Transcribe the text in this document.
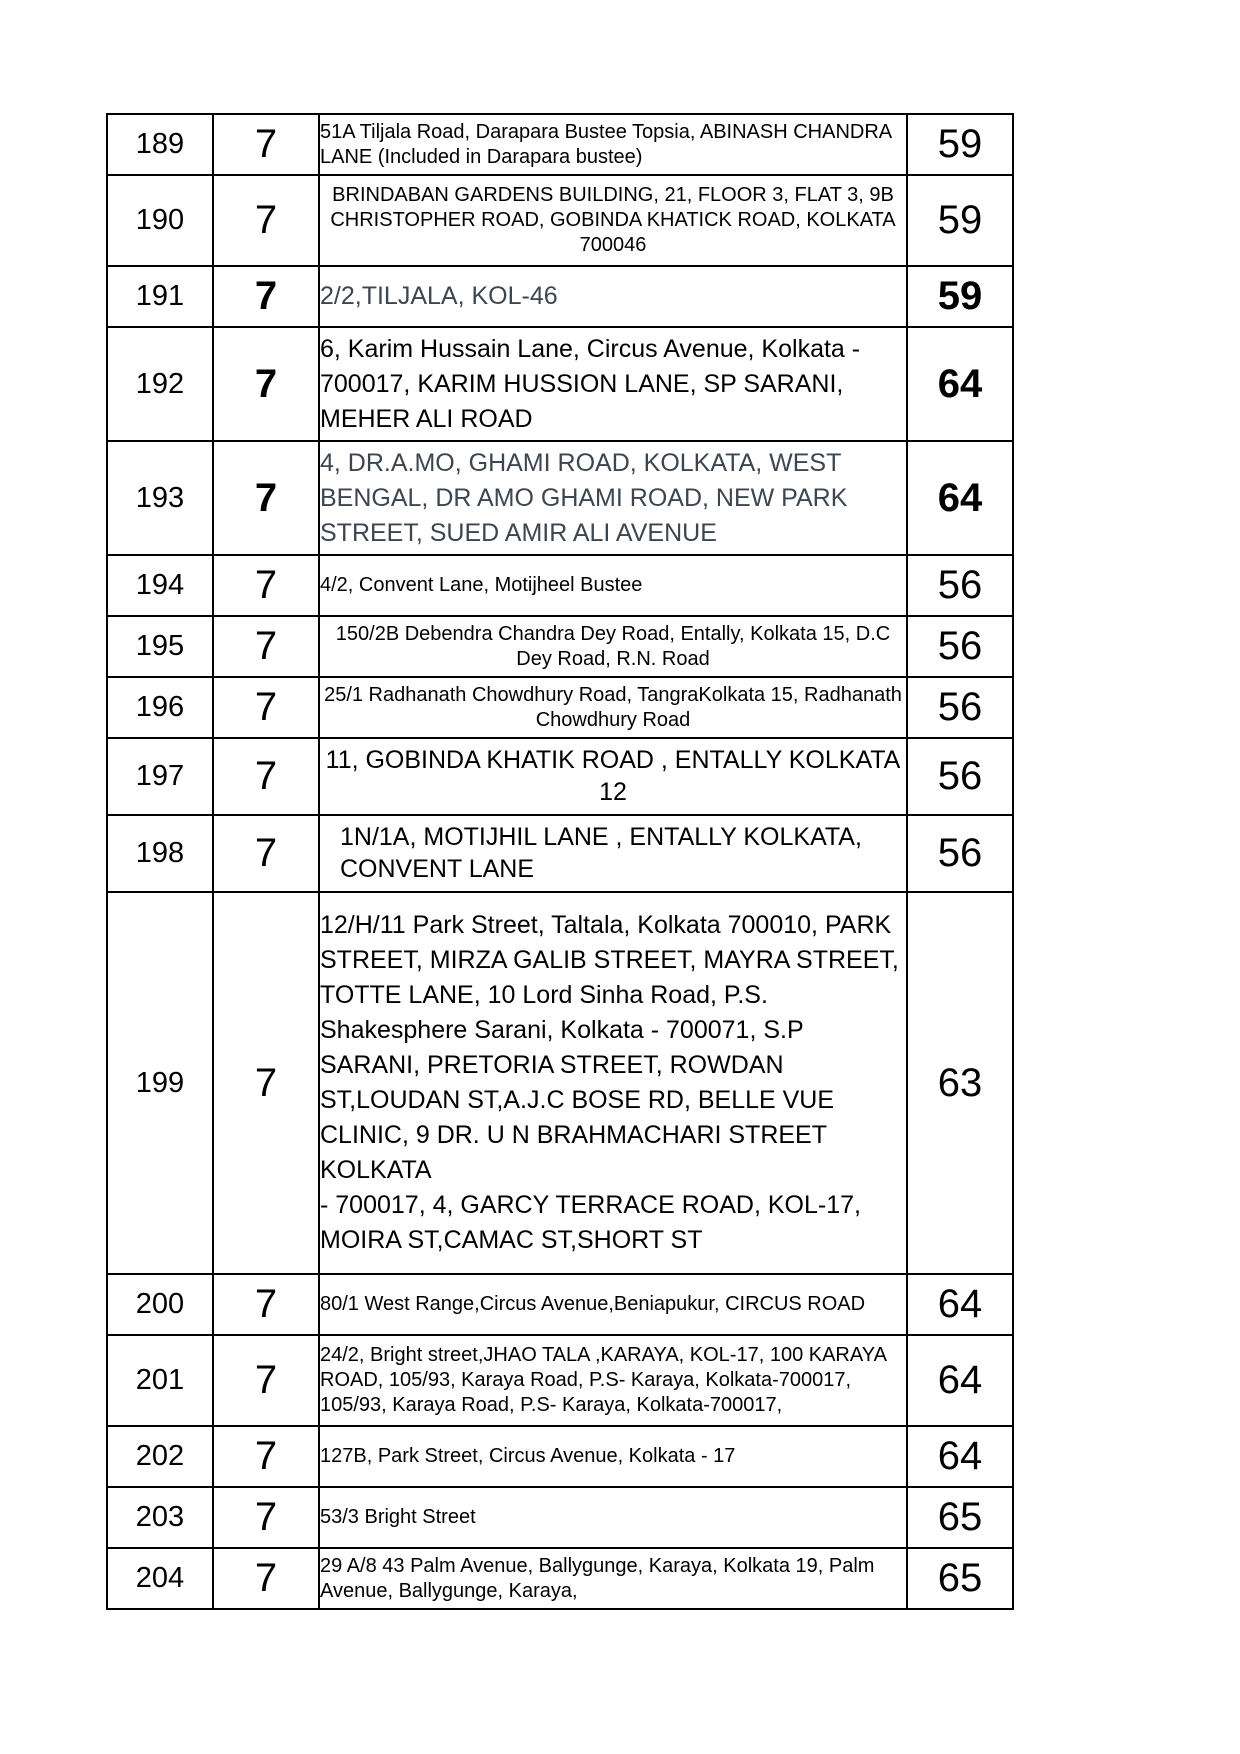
189	7	51A Tiljala Road, Darapara Bustee Topsia, ABINASH CHANDRA LANE (Included in Darapara bustee)	59
190	7	BRINDABAN GARDENS BUILDING, 21, FLOOR 3, FLAT 3, 9B CHRISTOPHER ROAD, GOBINDA KHATICK ROAD, KOLKATA 700046	59
191	7	2/2,TILJALA, KOL-46	59
192	7	6, Karim Hussain Lane, Circus Avenue, Kolkata - 700017, KARIM HUSSION LANE, SP SARANI, MEHER ALI ROAD	64
193	7	4, DR.A.MO, GHAMI ROAD, KOLKATA, WEST BENGAL, DR AMO GHAMI ROAD, NEW PARK STREET, SUED AMIR ALI AVENUE	64
194	7	4/2, Convent Lane, Motijheel Bustee	56
195	7	150/2B Debendra Chandra Dey Road, Entally, Kolkata 15, D.C Dey Road, R.N. Road	56
196	7	25/1 Radhanath Chowdhury Road, TangraKolkata 15, Radhanath Chowdhury Road	56
197	7	11, GOBINDA KHATIK ROAD , ENTALLY KOLKATA 12	56
198	7	1N/1A, MOTIJHIL LANE , ENTALLY KOLKATA, CONVENT LANE	56
199	7	12/H/11 Park Street, Taltala, Kolkata 700010, PARK STREET, MIRZA GALIB STREET, MAYRA STREET, TOTTE LANE, 10 Lord Sinha Road, P.S. Shakesphere Sarani, Kolkata - 700071, S.P SARANI, PRETORIA STREET, ROWDAN ST,LOUDAN ST,A.J.C BOSE RD, BELLE VUE CLINIC, 9 DR. U N BRAHMACHARI STREET KOLKATA
- 700017, 4, GARCY TERRACE ROAD, KOL-17, MOIRA ST,CAMAC ST,SHORT ST	63
200	7	80/1 West Range,Circus Avenue,Beniapukur, CIRCUS ROAD	64
201	7	24/2, Bright street,JHAO TALA ,KARAYA, KOL-17, 100 KARAYA ROAD, 105/93, Karaya Road, P.S- Karaya, Kolkata-700017, 105/93, Karaya Road, P.S- Karaya, Kolkata-700017,	64
202	7	127B, Park Street, Circus Avenue, Kolkata - 17	64
203	7	53/3 Bright Street	65
204	7	29 A/8 43 Palm Avenue, Ballygunge, Karaya, Kolkata 19, Palm Avenue, Ballygunge, Karaya,	65
